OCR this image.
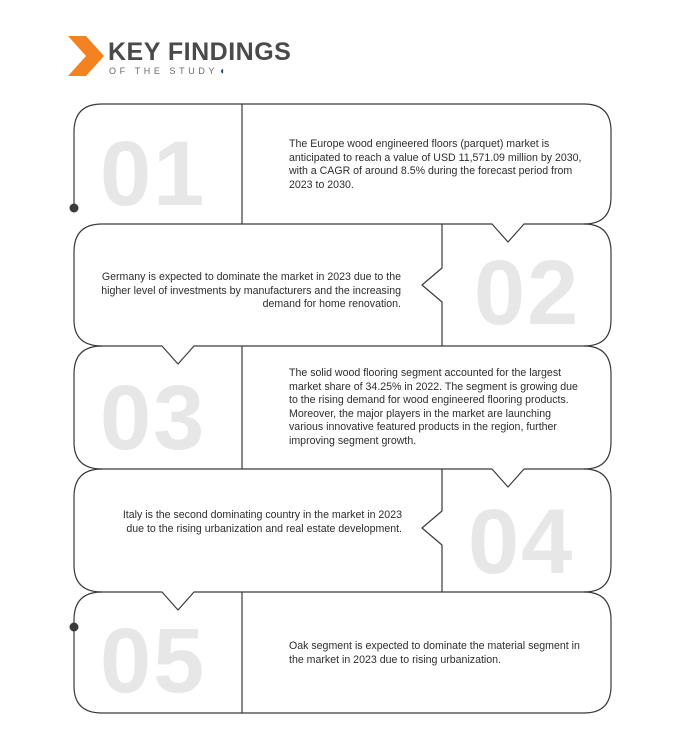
KEY FINDINGS
OF THE STUDY◖
01	The Europe wood engineered floors (parquet) market is anticipated to reach a value of USD 11,571.09 million by 2030, with a CAGR of around 8.5% during the forecast period from 2023 to 2030.
02
Germany is expected to dominate the market in 2023 due to the higher level of investments by manufacturers and the increasing demand for home renovation.
03	The solid wood flooring segment accounted for the largest market share of 34.25% in 2022. The segment is growing due to the rising demand for wood engineered flooring products. Moreover, the major players in the market are launching various innovative featured products in the region, further improving segment growth.
04
Italy is the second dominating country in the market in 2023 due to the rising urbanization and real estate development.
05	Oak segment is expected to dominate the material segment in the market in 2023 due to rising urbanization.
